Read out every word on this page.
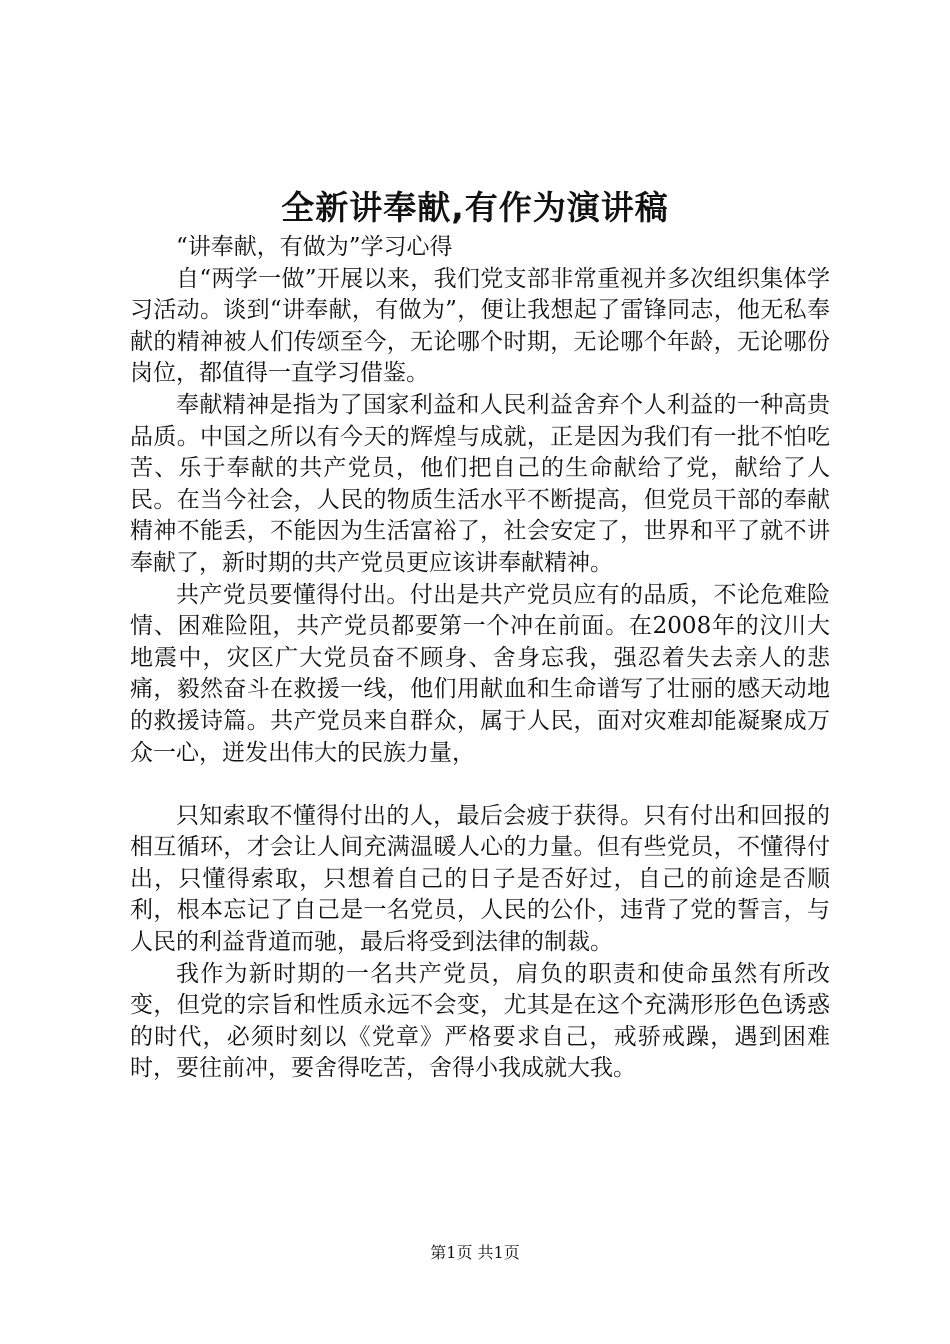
全新讲奉献,有作为演讲稿

“讲奉献，有做为”学习心得

自“两学一做”开展以来，我们党支部非常重视并多次组织集体学习活动。谈到“讲奉献，有做为”，便让我想起了雷锋同志，他无私奉献的精神被人们传颂至今，无论哪个时期，无论哪个年龄，无论哪份岗位，都值得一直学习借鉴。

奉献精神是指为了国家利益和人民利益舍弃个人利益的一种高贵品质。中国之所以有今天的辉煌与成就，正是因为我们有一批不怕吃苦、乐于奉献的共产党员，他们把自己的生命献给了党，献给了人民。在当今社会，人民的物质生活水平不断提高，但党员干部的奉献精神不能丢，不能因为生活富裕了，社会安定了，世界和平了就不讲奉献了，新时期的共产党员更应该讲奉献精神。

共产党员要懂得付出。付出是共产党员应有的品质，不论危难险情、困难险阻，共产党员都要第一个冲在前面。在2008年的汶川大地震中，灾区广大党员奋不顾身、舍身忘我，强忍着失去亲人的悲痛，毅然奋斗在救援一线，他们用献血和生命谱写了壮丽的感天动地的救援诗篇。共产党员来自群众，属于人民，面对灾难却能凝聚成万众一心，迸发出伟大的民族力量，

只知索取不懂得付出的人，最后会疲于获得。只有付出和回报的相互循环，才会让人间充满温暖人心的力量。但有些党员，不懂得付出，只懂得索取，只想着自己的日子是否好过，自己的前途是否顺利，根本忘记了自己是一名党员，人民的公仆，违背了党的誓言，与人民的利益背道而驰，最后将受到法律的制裁。

我作为新时期的一名共产党员，肩负的职责和使命虽然有所改变，但党的宗旨和性质永远不会变，尤其是在这个充满形形色色诱惑的时代，必须时刻以《党章》严格要求自己，戒骄戒躁，遇到困难时，要往前冲，要舍得吃苦，舍得小我成就大我。

第1页 共1页
